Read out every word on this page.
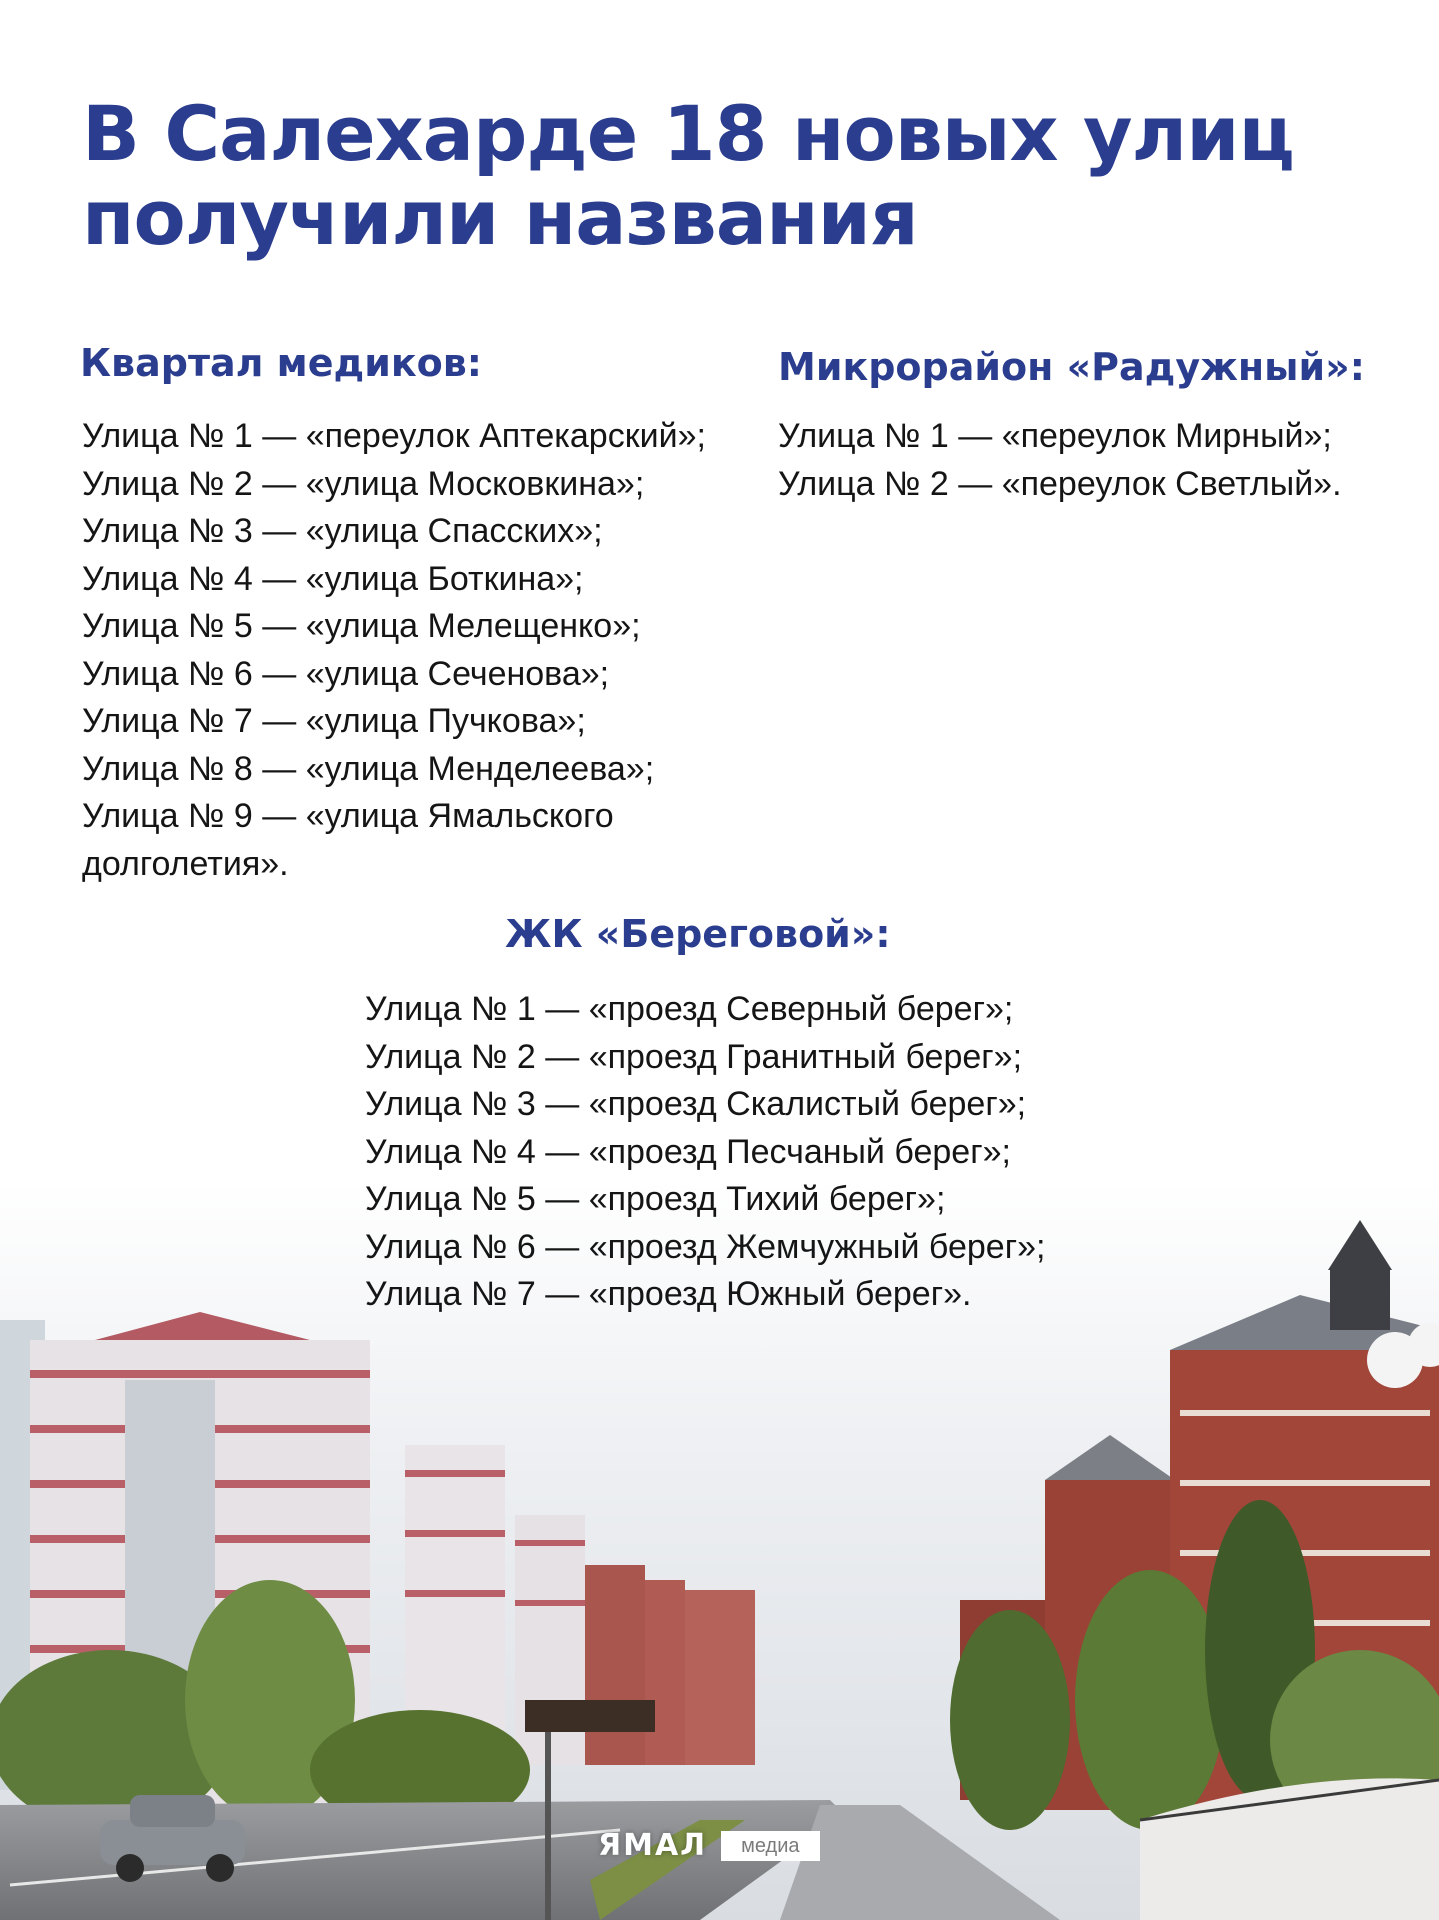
В Салехарде 18 новых улиц получили названия
Квартал медиков:
Улица № 1 — «переулок Аптекарский»;
Улица № 2 — «улица Московкина»;
Улица № 3 — «улица Спасских»;
Улица № 4 — «улица Боткина»;
Улица № 5 — «улица Мелещенко»;
Улица № 6 — «улица Сеченова»;
Улица № 7 — «улица Пучкова»;
Улица № 8 — «улица Менделеева»;
Улица № 9 — «улица Ямальского
долголетия».
Микрорайон «Радужный»:
Улица № 1 — «переулок Мирный»;
Улица № 2 — «переулок Светлый».
ЖК «Береговой»:
Улица № 1 — «проезд Северный берег»;
Улица № 2 — «проезд Гранитный берег»;
Улица № 3 — «проезд Скалистый берег»;
Улица № 4 — «проезд Песчаный берег»;
Улица № 5 — «проезд Тихий берег»;
Улица № 6 — «проезд Жемчужный берег»;
Улица № 7 — «проезд Южный берег».
ЯМАЛ	медиа
